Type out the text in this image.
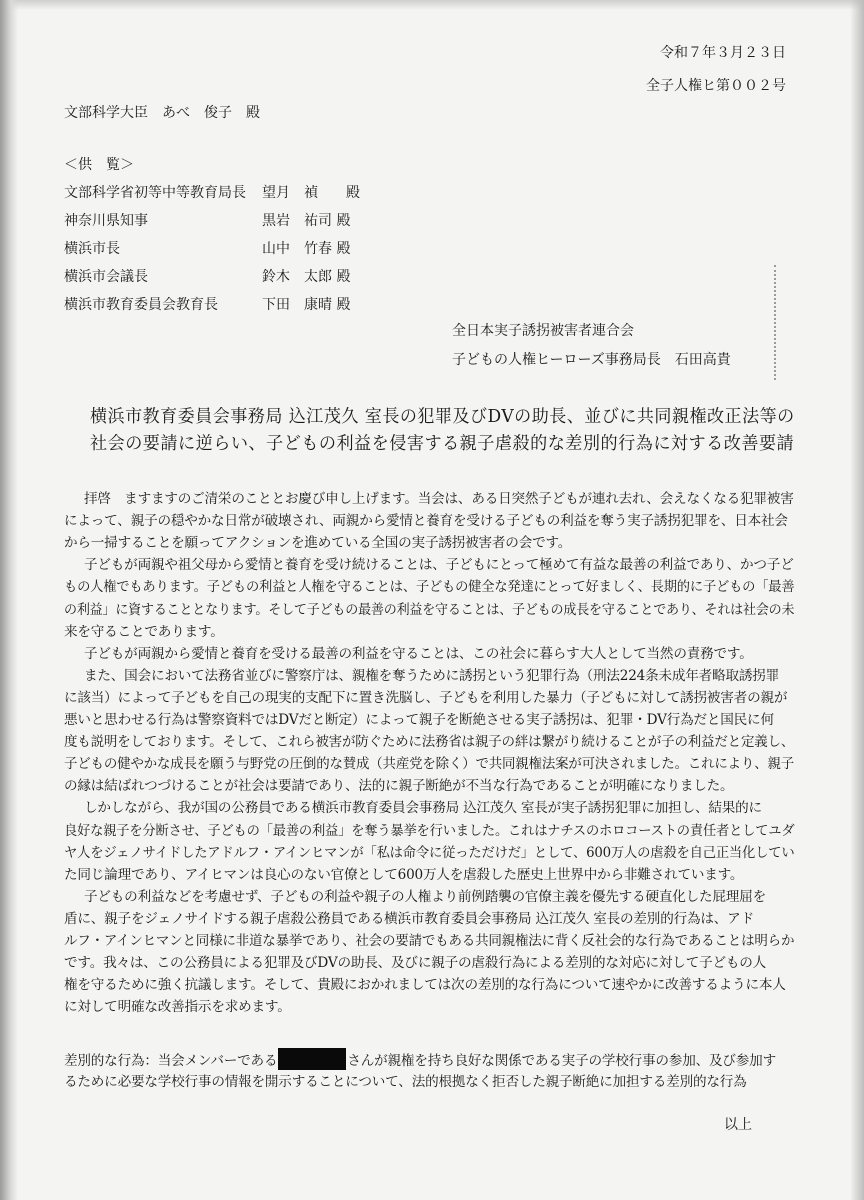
令和７年３月２３日
全子人権ヒ第００２号
文部科学大臣　あべ　俊子　殿
＜供　覧＞
文部科学省初等中等教育局長 望月　禎　　殿
神奈川県知事	黒岩　祐司 殿
横浜市長	山中　竹春 殿
横浜市会議長	鈴木　太郎 殿
横浜市教育委員会教育長	下田　康晴 殿
全日本実子誘拐被害者連合会
子どもの人権ヒーローズ事務局長　石田高貴
横浜市教育委員会事務局 込江茂久 室長の犯罪及びDVの助長、並びに共同親権改正法等の
社会の要請に逆らい、子どもの利益を侵害する親子虐殺的な差別的行為に対する改善要請
拝啓　ますますのご清栄のこととお慶び申し上げます。当会は、ある日突然子どもが連れ去れ、会えなくなる犯罪被害
によって、親子の穏やかな日常が破壊され、両親から愛情と養育を受ける子どもの利益を奪う実子誘拐犯罪を、日本社会
から一掃することを願ってアクションを進めている全国の実子誘拐被害者の会です。
子どもが両親や祖父母から愛情と養育を受け続けることは、子どもにとって極めて有益な最善の利益であり、かつ子ど
もの人権でもあります。子どもの利益と人権を守ることは、子どもの健全な発達にとって好ましく、長期的に子どもの「最善
の利益」に資することとなります。そして子どもの最善の利益を守ることは、子どもの成長を守ることであり、それは社会の未
来を守ることであります。
子どもが両親から愛情と養育を受ける最善の利益を守ることは、この社会に暮らす大人として当然の責務です。
また、国会において法務省並びに警察庁は、親権を奪うために誘拐という犯罪行為（刑法224条未成年者略取誘拐罪
に該当）によって子どもを自己の現実的支配下に置き洗脳し、子どもを利用した暴力（子どもに対して誘拐被害者の親が
悪いと思わせる行為は警察資料ではDVだと断定）によって親子を断絶させる実子誘拐は、犯罪・DV行為だと国民に何
度も説明をしております。そして、これら被害が防ぐために法務省は親子の絆は繋がり続けることが子の利益だと定義し、
子どもの健やかな成長を願う与野党の圧倒的な賛成（共産党を除く）で共同親権法案が可決されました。これにより、親子
の縁は結ばれつづけることが社会は要請であり、法的に親子断絶が不当な行為であることが明確になりました。
しかしながら、我が国の公務員である横浜市教育委員会事務局 込江茂久 室長が実子誘拐犯罪に加担し、結果的に
良好な親子を分断させ、子どもの「最善の利益」を奪う暴挙を行いました。これはナチスのホロコーストの責任者としてユダ
ヤ人をジェノサイドしたアドルフ・アインヒマンが「私は命令に従っただけだ」として、600万人の虐殺を自己正当化してい
た同じ論理であり、アイヒマンは良心のない官僚として600万人を虐殺した歴史上世界中から非難されています。
子どもの利益などを考慮せず、子どもの利益や親子の人権より前例踏襲の官僚主義を優先する硬直化した屁理屈を
盾に、親子をジェノサイドする親子虐殺公務員である横浜市教育委員会事務局 込江茂久 室長の差別的行為は、アド
ルフ・アインヒマンと同様に非道な暴挙であり、社会の要請でもある共同親権法に背く反社会的な行為であることは明らか
です。我々は、この公務員による犯罪及びDVの助長、及びに親子の虐殺行為による差別的な対応に対して子どもの人
権を守るために強く抗議します。そして、貴殿におかれましては次の差別的な行為について速やかに改善するように本人
に対して明確な改善指示を求めます。
差別的な行為：当会メンバーである	さんが親権を持ち良好な関係である実子の学校行事の参加、及び参加す
るために必要な学校行事の情報を開示することについて、法的根拠なく拒否した親子断絶に加担する差別的な行為
以上
